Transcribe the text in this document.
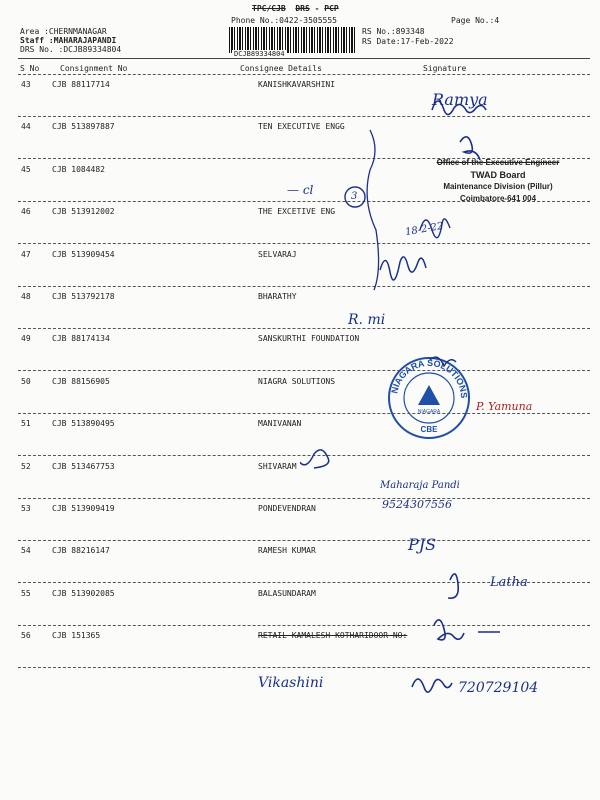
TPC/CJB DRS - PCP
Phone No.:0422-3505555	Page No.:4
Area :CHERNMANAGAR
Staff :MAHARAJAPANDI
DRS No. :DCJB89334804
RS No.:893348
RS Date:17-Feb-2022
DCJB89334804
S No	Consignment No	Consignee Details	Signature
43	CJB 88117714	KANISHKAVARSHINI
44	CJB 513897887	TEN EXECUTIVE ENGG
45	CJB 1084482
46	CJB 513912002	THE EXCETIVE ENG
47	CJB 513909454	SELVARAJ
48	CJB 513792178	BHARATHY
49	CJB 88174134	SANSKURTHI FOUNDATION
50	CJB 88156905	NIAGRA SOLUTIONS
51	CJB 513890495	MANIVANAN
52	CJB 513467753	SHIVARAM
53	CJB 513909419	PONDEVENDRAN
54	CJB 88216147	RAMESH KUMAR
55	CJB 513902085	BALASUNDARAM
56	CJB 151365	RETAIL KAMALESH KOTHARIDOOR NO:
Office of the Executive Engineer
TWAD Board
Maintenance Division (Pillur)
Coimbatore-641 004
NIAGARA SOLUTIONS
NIAGARA
CBE
Ramya
— cl	3
18-2-22
R. mi
P. Yamuna
Maharaja Pandi
9524307556
PJS
Latha
Vikashini	720729104
